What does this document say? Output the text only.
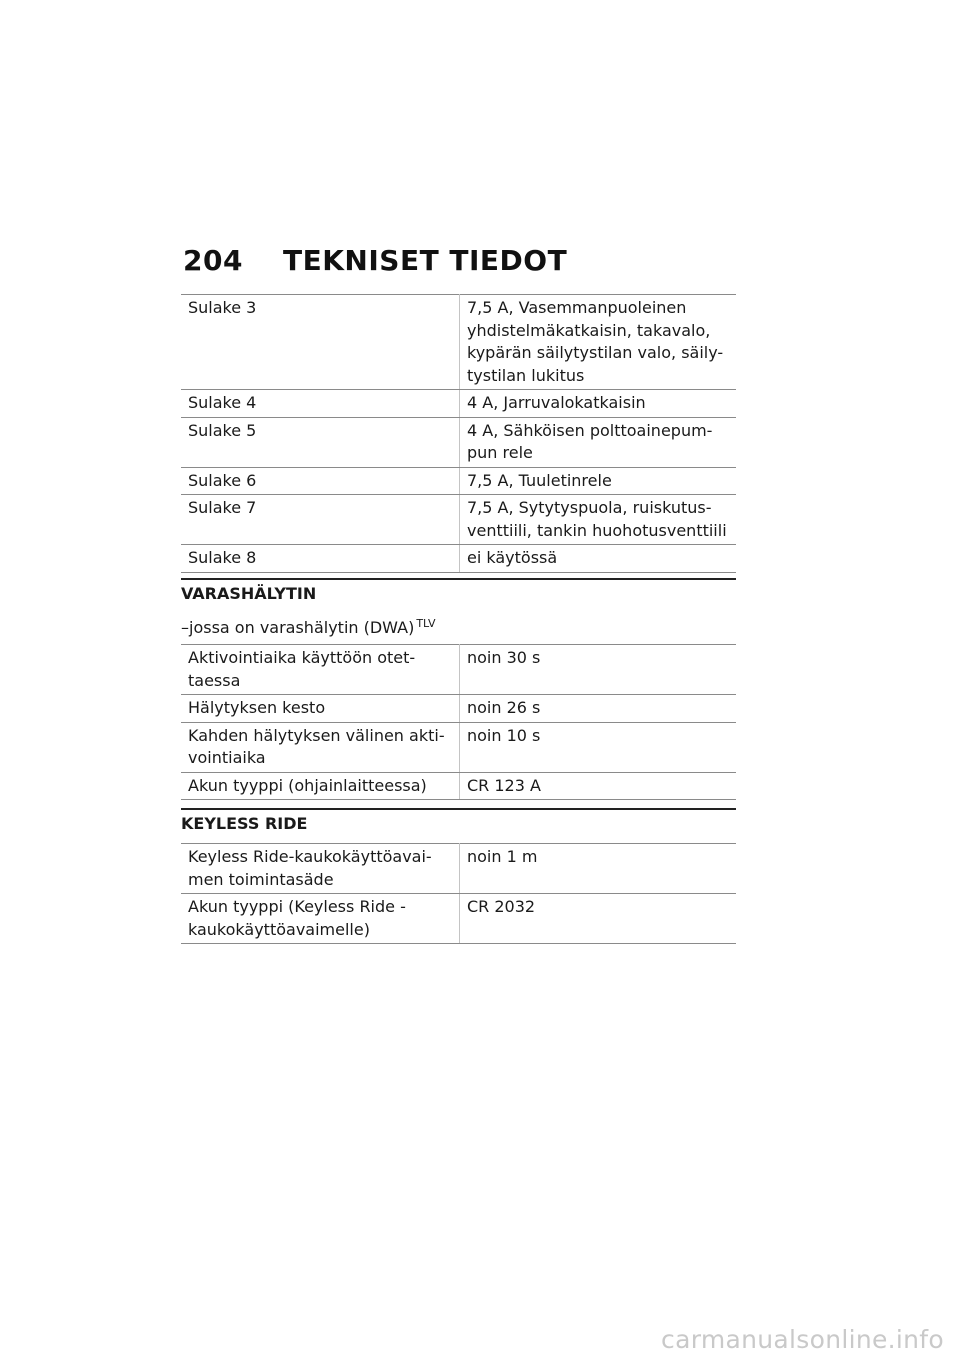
204 TEKNISET TIEDOT
Sulake 3	7,5 A, Vasemmanpuoleinen yhdistelmäkatkaisin, takavalo, kypärän säilytystilan valo, säily-tystilan lukitus
Sulake 4	4 A, Jarruvalokatkaisin
Sulake 5	4 A, Sähköisen polttoainepum-pun rele
Sulake 6	7,5 A, Tuuletinrele
Sulake 7	7,5 A, Sytytyspuola, ruiskutus-venttiili, tankin huohotusventtiili
Sulake 8	ei käytössä
VARASHÄLYTIN
–jossa on varashälytin (DWA) $^{TLV}$
Aktivointiaika käyttöön otet-taessa	noin 30 s
Hälytyksen kesto	noin 26 s
Kahden hälytyksen välinen akti-vointiaika	noin 10 s
Akun tyyppi (ohjainlaitteessa)	CR 123 A
KEYLESS RIDE
Keyless Ride-kaukokäyttöavai-men toimintasäde	noin 1 m
Akun tyyppi (Keyless Ride -kaukokäyttöavaimelle)	CR 2032
carmanualsonline.info
